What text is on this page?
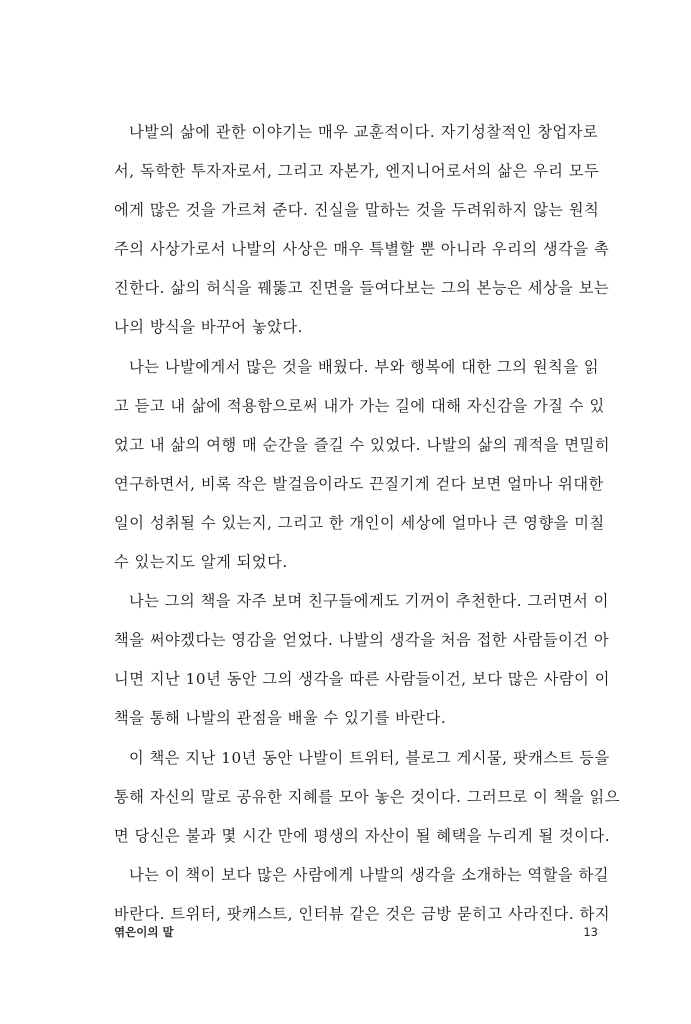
나발의 삶에 관한 이야기는 매우 교훈적이다. 자기성찰적인 창업자로
서, 독학한 투자자로서, 그리고 자본가, 엔지니어로서의 삶은 우리 모두
에게 많은 것을 가르쳐 준다. 진실을 말하는 것을 두려워하지 않는 원칙
주의 사상가로서 나발의 사상은 매우 특별할 뿐 아니라 우리의 생각을 촉
진한다. 삶의 허식을 꿰뚫고 진면을 들여다보는 그의 본능은 세상을 보는
나의 방식을 바꾸어 놓았다.
나는 나발에게서 많은 것을 배웠다. 부와 행복에 대한 그의 원칙을 읽
고 듣고 내 삶에 적용함으로써 내가 가는 길에 대해 자신감을 가질 수 있
었고 내 삶의 여행 매 순간을 즐길 수 있었다. 나발의 삶의 궤적을 면밀히
연구하면서, 비록 작은 발걸음이라도 끈질기게 걷다 보면 얼마나 위대한
일이 성취될 수 있는지, 그리고 한 개인이 세상에 얼마나 큰 영향을 미칠
수 있는지도 알게 되었다.
나는 그의 책을 자주 보며 친구들에게도 기꺼이 추천한다. 그러면서 이
책을 써야겠다는 영감을 얻었다. 나발의 생각을 처음 접한 사람들이건 아
니면 지난 10년 동안 그의 생각을 따른 사람들이건, 보다 많은 사람이 이
책을 통해 나발의 관점을 배울 수 있기를 바란다.
이 책은 지난 10년 동안 나발이 트위터, 블로그 게시물, 팟캐스트 등을
통해 자신의 말로 공유한 지혜를 모아 놓은 것이다. 그러므로 이 책을 읽으
면 당신은 불과 몇 시간 만에 평생의 자산이 될 혜택을 누리게 될 것이다.
나는 이 책이 보다 많은 사람에게 나발의 생각을 소개하는 역할을 하길
바란다. 트위터, 팟캐스트, 인터뷰 같은 것은 금방 묻히고 사라진다. 하지
엮은이의 말	13
